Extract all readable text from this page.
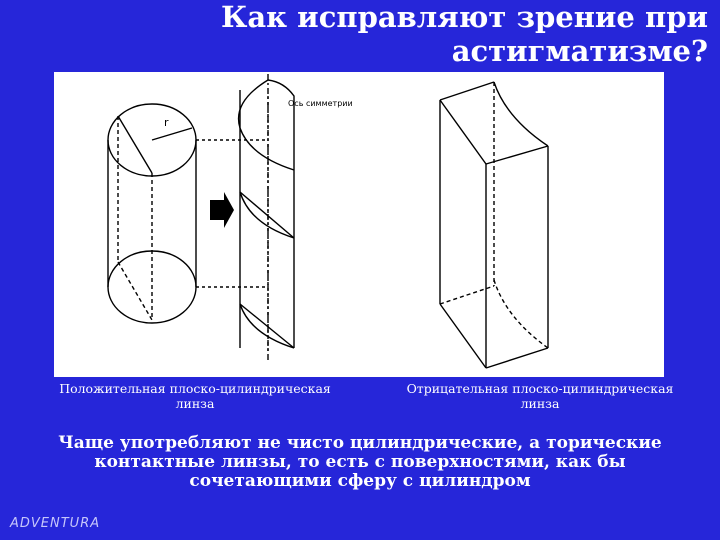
Как исправляют зрение при
астигматизме?
r
Ось симметрии
Положительная плоско-цилиндрическая
линза
Отрицательная плоско-цилиндрическая
линза
Чаще употребляют не чисто цилиндрические, а торические
контактные линзы, то есть с поверхностями, как бы
сочетающими сферу с цилиндром
ADVENTURA
